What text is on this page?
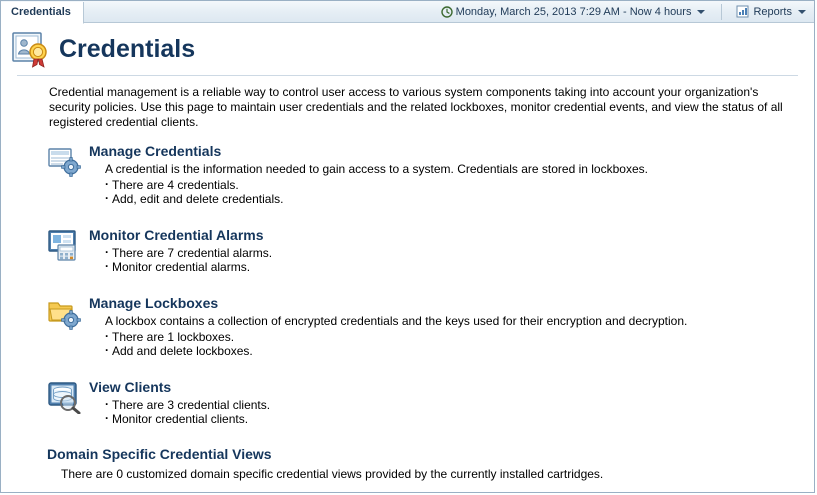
Credentials	Monday, March 25, 2013 7:29 AM - Now 4 hours	Reports
Credentials
Credential management is a reliable way to control user access to various system components taking into account your organization's security policies. Use this page to maintain user credentials and the related lockboxes, monitor credential events, and view the status of all registered credential clients.
Manage Credentials
A credential is the information needed to gain access to a system. Credentials are stored in lockboxes.
· There are 4 credentials.
· Add, edit and delete credentials.
Monitor Credential Alarms
· There are 7 credential alarms.
· Monitor credential alarms.
Manage Lockboxes
A lockbox contains a collection of encrypted credentials and the keys used for their encryption and decryption.
· There are 1 lockboxes.
· Add and delete lockboxes.
View Clients
· There are 3 credential clients.
· Monitor credential clients.
Domain Specific Credential Views
There are 0 customized domain specific credential views provided by the currently installed cartridges.
